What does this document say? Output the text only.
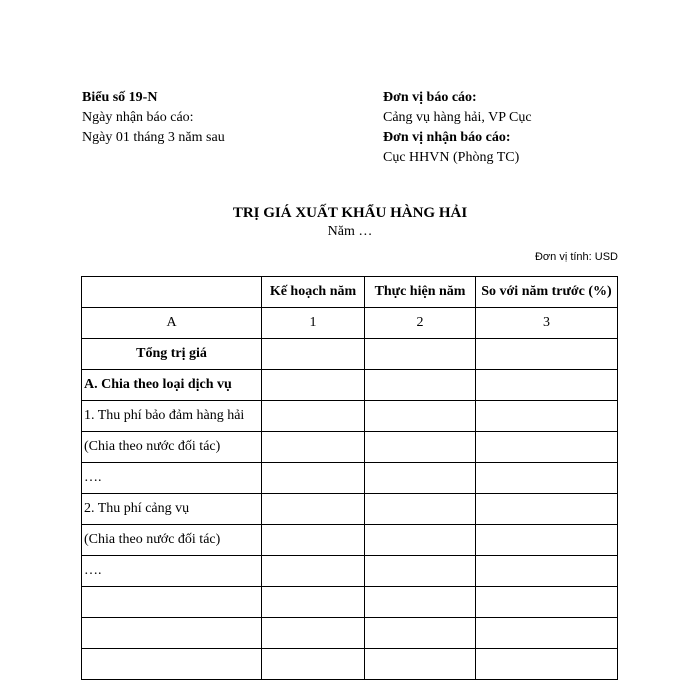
Biểu số 19-N
Ngày nhận báo cáo:
Ngày 01 tháng 3 năm sau
Đơn vị báo cáo:
Cảng vụ hàng hải, VP Cục
Đơn vị nhận báo cáo:
Cục HHVN (Phòng TC)
TRỊ GIÁ XUẤT KHẨU HÀNG HẢI
Năm …
Đơn vị tính: USD
	Kế hoạch năm	Thực hiện năm	So với năm trước (%)
A	1	2	3
Tổng trị giá			
A. Chia theo loại dịch vụ			
1. Thu phí bảo đảm hàng hải			
(Chia theo nước đối tác)			
….			
2. Thu phí cảng vụ			
(Chia theo nước đối tác)			
….			
